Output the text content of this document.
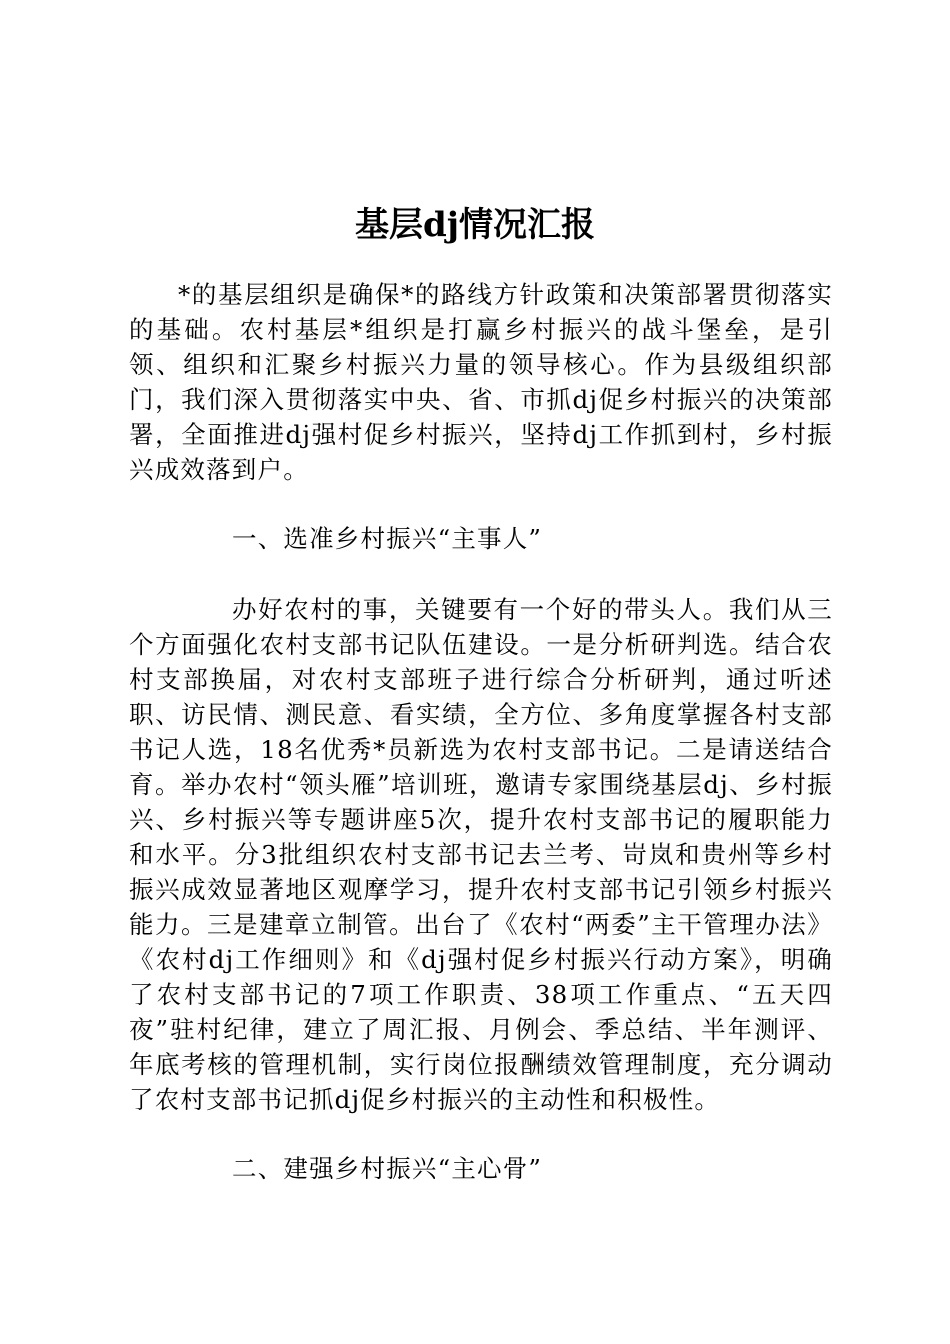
基层dj情况汇报

*的基层组织是确保*的路线方针政策和决策部署贯彻落实的基础。农村基层*组织是打赢乡村振兴的战斗堡垒，是引领、组织和汇聚乡村振兴力量的领导核心。作为县级组织部门，我们深入贯彻落实中央、省、市抓dj促乡村振兴的决策部署，全面推进dj强村促乡村振兴，坚持dj工作抓到村，乡村振兴成效落到户。

一、选准乡村振兴“主事人”

办好农村的事，关键要有一个好的带头人。我们从三个方面强化农村支部书记队伍建设。一是分析研判选。结合农村支部换届，对农村支部班子进行综合分析研判，通过听述职、访民情、测民意、看实绩，全方位、多角度掌握各村支部书记人选，18名优秀*员新选为农村支部书记。二是请送结合育。举办农村“领头雁”培训班，邀请专家围绕基层dj、乡村振兴、乡村振兴等专题讲座5次，提升农村支部书记的履职能力和水平。分3批组织农村支部书记去兰考、岢岚和贵州等乡村振兴成效显著地区观摩学习，提升农村支部书记引领乡村振兴能力。三是建章立制管。出台了《农村“两委”主干管理办法》《农村dj工作细则》和《dj强村促乡村振兴行动方案》，明确了农村支部书记的7项工作职责、38项工作重点、“五天四夜”驻村纪律，建立了周汇报、月例会、季总结、半年测评、年底考核的管理机制，实行岗位报酬绩效管理制度，充分调动了农村支部书记抓dj促乡村振兴的主动性和积极性。

二、建强乡村振兴“主心骨”
